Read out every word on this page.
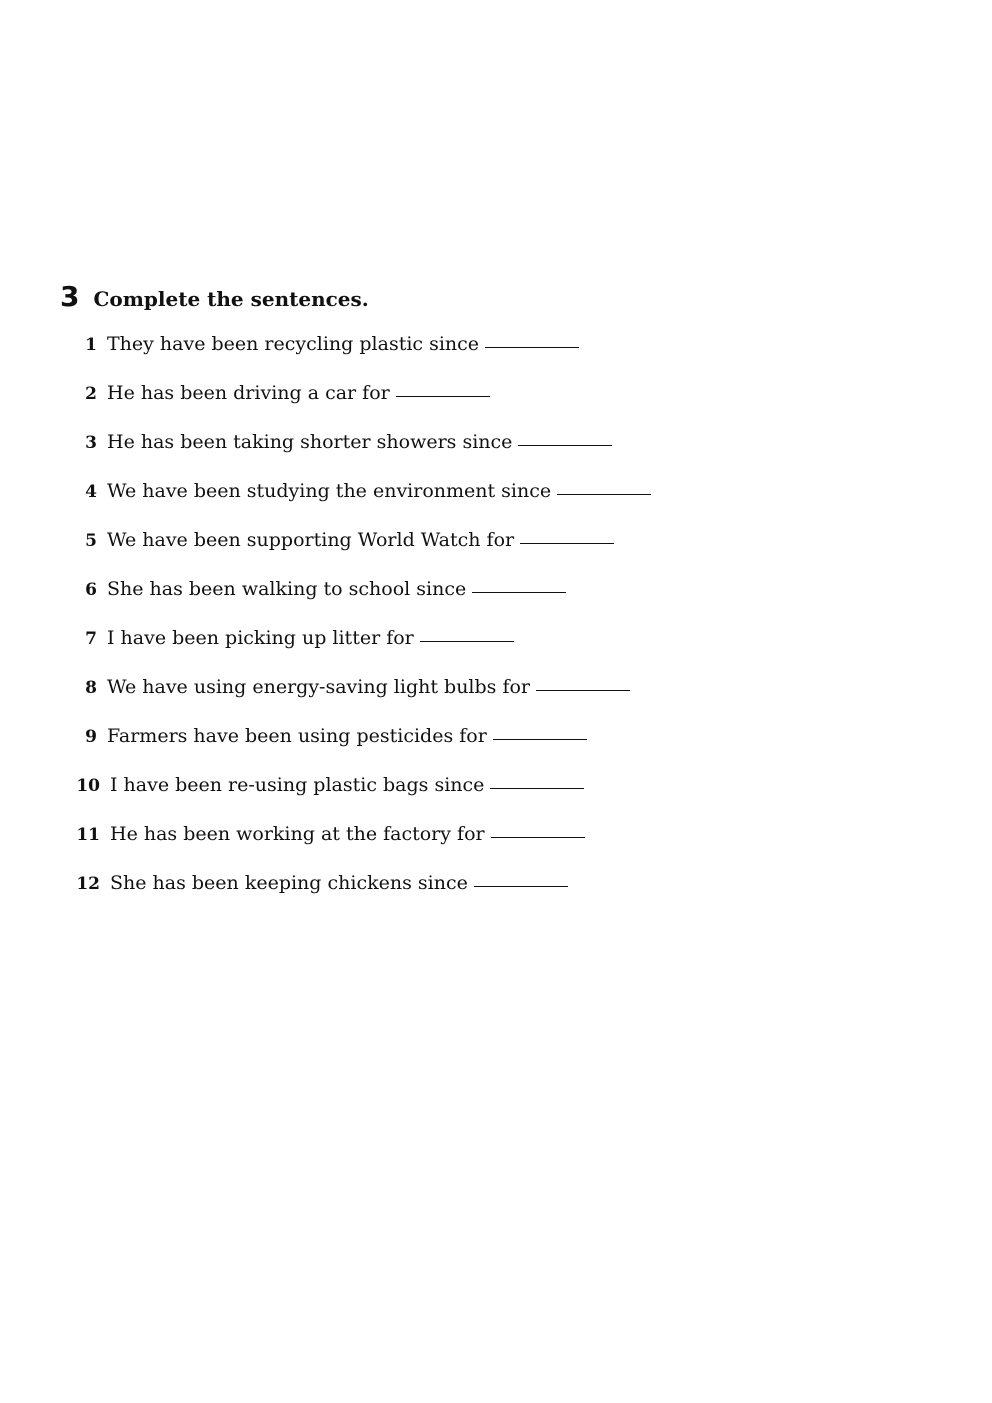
3 Complete the sentences.
1 They have been recycling plastic since
2 He has been driving a car for
3 He has been taking shorter showers since
4 We have been studying the environment since
5 We have been supporting World Watch for
6 She has been walking to school since
7 I have been picking up litter for
8 We have using energy-saving light bulbs for
9 Farmers have been using pesticides for
10 I have been re-using plastic bags since
11 He has been working at the factory for
12 She has been keeping chickens since
